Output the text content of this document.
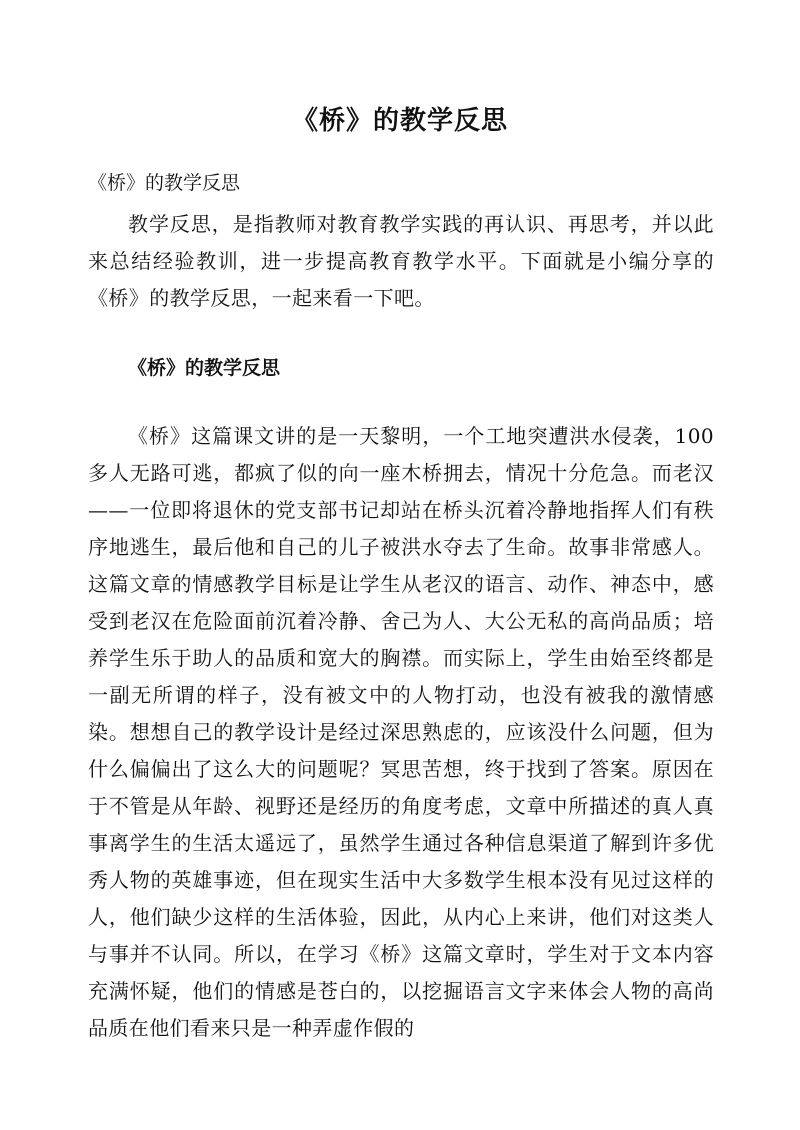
《桥》的教学反思
《桥》的教学反思

教学反思，是指教师对教育教学实践的再认识、再思考，并以此来总结经验教训，进一步提高教育教学水平。下面就是小编分享的《桥》的教学反思，一起来看一下吧。

《桥》的教学反思

《桥》这篇课文讲的是一天黎明，一个工地突遭洪水侵袭，100多人无路可逃，都疯了似的向一座木桥拥去，情况十分危急。而老汉——一位即将退休的党支部书记却站在桥头沉着冷静地指挥人们有秩序地逃生，最后他和自己的儿子被洪水夺去了生命。故事非常感人。 这篇文章的情感教学目标是让学生从老汉的语言、动作、神态中，感受到老汉在危险面前沉着冷静、舍己为人、大公无私的高尚品质；培养学生乐于助人的品质和宽大的胸襟。而实际上，学生由始至终都是一副无所谓的样子，没有被文中的人物打动，也没有被我的激情感染。想想自己的教学设计是经过深思熟虑的，应该没什么问题，但为什么偏偏出了这么大的问题呢？冥思苦想，终于找到了答案。原因在于不管是从年龄、视野还是经历的角度考虑，文章中所描述的真人真事离学生的生活太遥远了，虽然学生通过各种信息渠道了解到许多优秀人物的英雄事迹，但在现实生活中大多数学生根本没有见过这样的人，他们缺少这样的生活体验，因此，从内心上来讲，他们对这类人与事并不认同。所以，在学习《桥》这篇文章时，学生对于文本内容充满怀疑，他们的情感是苍白的，以挖掘语言文字来体会人物的高尚品质在他们看来只是一种弄虚作假的
